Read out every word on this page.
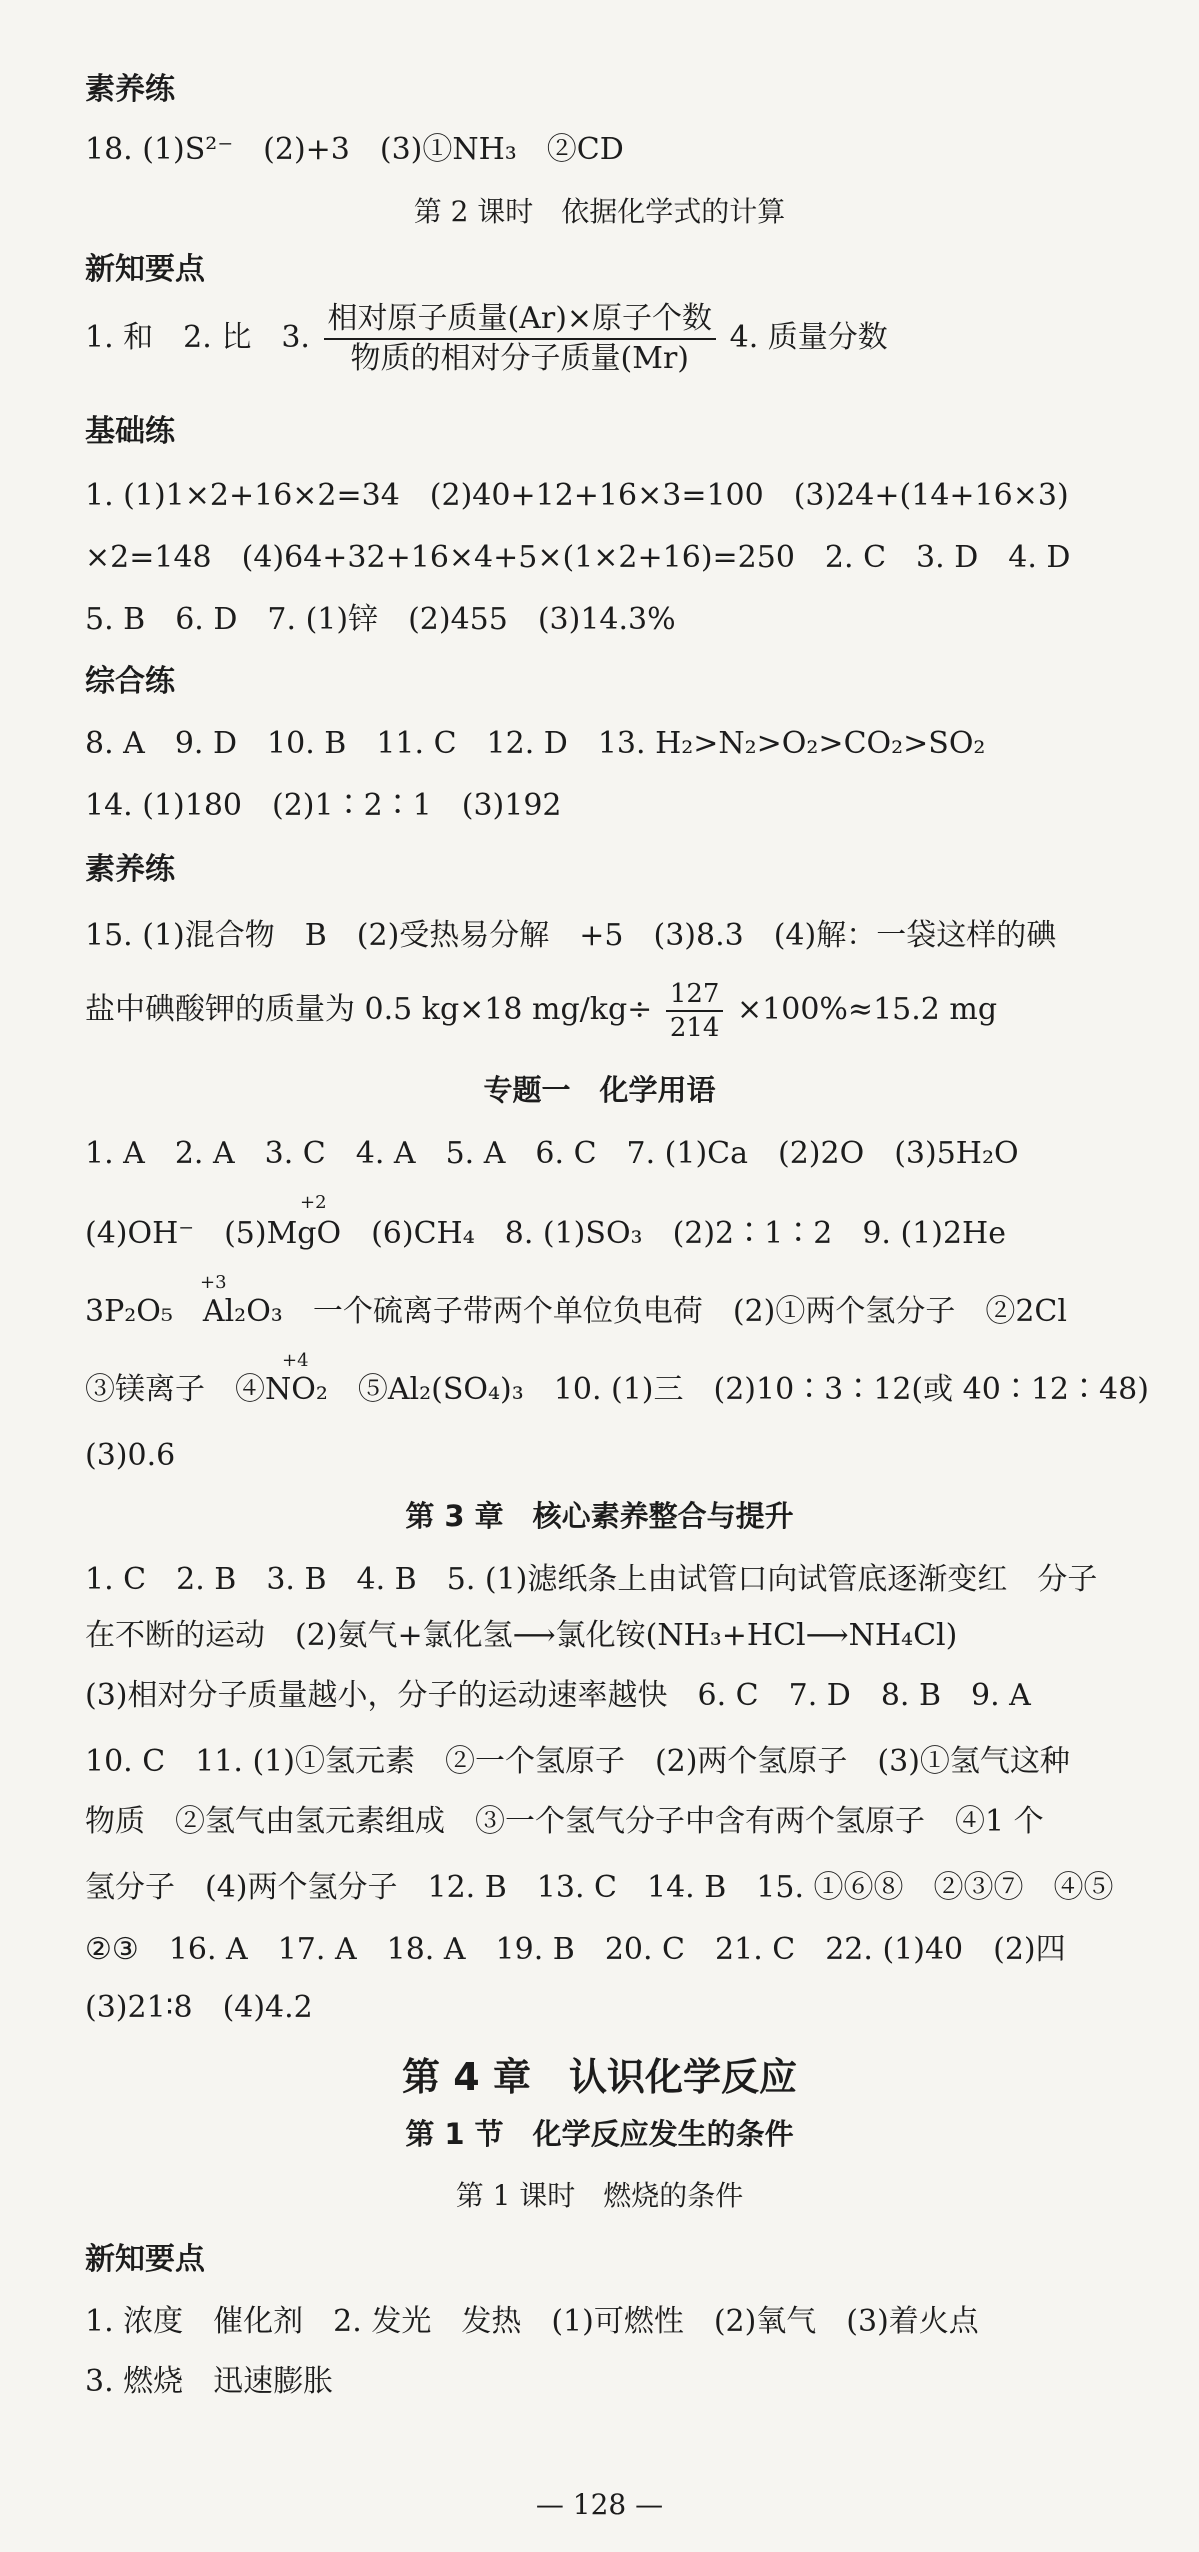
素养练
18. (1)S²⁻　(2)+3　(3)①NH₃　②CD
第 2 课时　依据化学式的计算
新知要点
1. 和　2. 比　3. $\frac{\text{相对原子质量(Ar)×原子个数}}{\text{物质的相对分子质量(Mr)}} 4$. 质量分数
基础练
1. (1)1×2+16×2=34　(2)40+12+16×3=100　(3)24+(14+16×3)
×2=148　(4)64+32+16×4+5×(1×2+16)=250　2. C　3. D　4. D
5. B　6. D　7. (1)锌　(2)455　(3)14.3%
综合练
8. A　9. D　10. B　11. C　12. D　13. H₂>N₂>O₂>CO₂>SO₂
14. (1)180　(2)1∶2∶1　(3)192
素养练
15. (1)混合物　B　(2)受热易分解　+5　(3)8.3　(4)解：一袋这样的碘
盐中碘酸钾的质量为 0.5 kg×18 $mg/kg\div \frac{127}{214} \times 100\%\approx 15.2$ mg
专题一　化学用语
1. A　2. A　3. C　4. A　5. A　6. C　7. (1)Ca　(2)2O　(3)5H₂O
(4)OH⁻　(5)MgO　(6)CH₄　8. (1)SO₃　(2)2∶1∶2　9. (1)2He
3P₂O₅　Al₂O₃　一个硫离子带两个单位负电荷　(2)①两个氢分子　②2Cl
③镁离子　④NO₂　⑤Al₂(SO₄)₃　10. (1)三　(2)10∶3∶12(或 40∶12∶48)
(3)0.6
+2
+3
+4
第 3 章　核心素养整合与提升
1. C　2. B　3. B　4. B　5. (1)滤纸条上由试管口向试管底逐渐变红　分子
在不断的运动　(2)氨气+氯化氢⟶氯化铵(NH₃+HCl⟶NH₄Cl)
(3)相对分子质量越小，分子的运动速率越快　6. C　7. D　8. B　9. A
10. C　11. (1)①氢元素　②一个氢原子　(2)两个氢原子　(3)①氢气这种
物质　②氢气由氢元素组成　③一个氢气分子中含有两个氢原子　④1 个
氢分子　(4)两个氢分子　12. B　13. C　14. B　15. ①⑥⑧　②③⑦　④⑤
②③　16. A　17. A　18. A　19. B　20. C　21. C　22. (1)40　(2)四
(3)21∶8　(4)4.2
第 4 章　认识化学反应
第 1 节　化学反应发生的条件
第 1 课时　燃烧的条件
新知要点
1. 浓度　催化剂　2. 发光　发热　(1)可燃性　(2)氧气　(3)着火点
3. 燃烧　迅速膨胀
— 128 —
